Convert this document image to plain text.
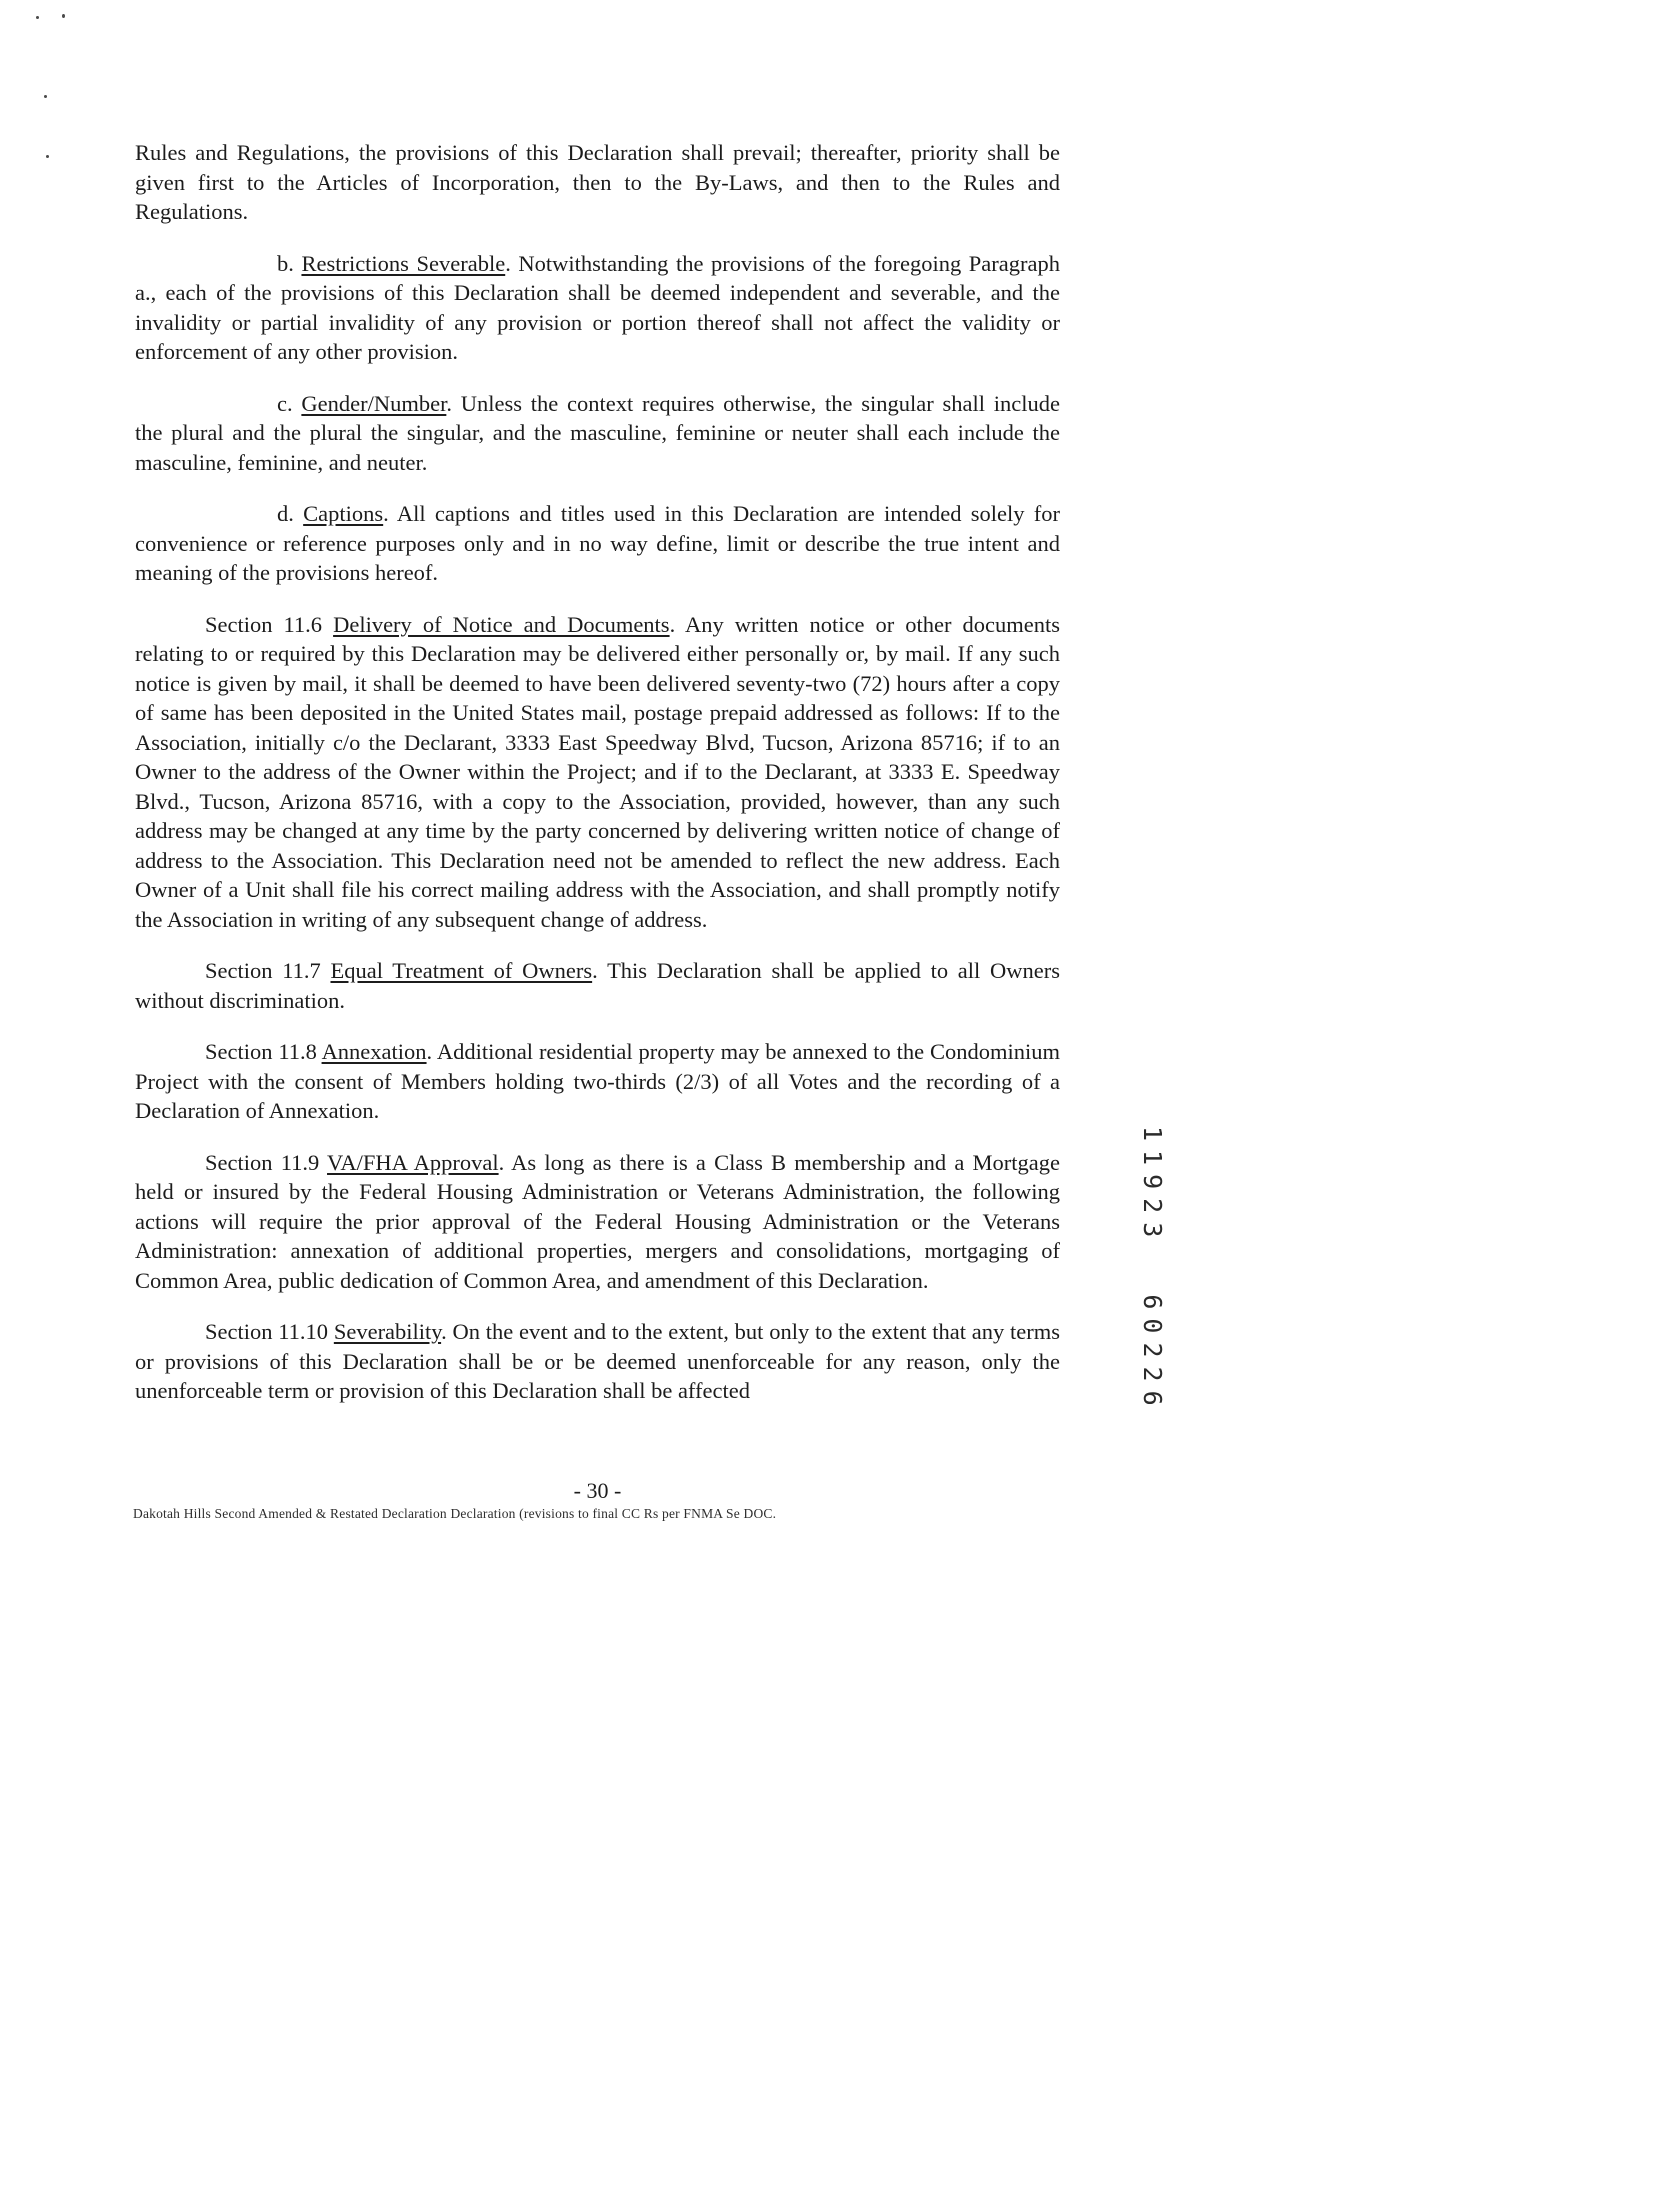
Rules and Regulations, the provisions of this Declaration shall prevail; thereafter, priority shall be given first to the Articles of Incorporation, then to the By-Laws, and then to the Rules and Regulations.

b. Restrictions Severable. Notwithstanding the provisions of the foregoing Paragraph a., each of the provisions of this Declaration shall be deemed independent and severable, and the invalidity or partial invalidity of any provision or portion thereof shall not affect the validity or enforcement of any other provision.

c. Gender/Number. Unless the context requires otherwise, the singular shall include the plural and the plural the singular, and the masculine, feminine or neuter shall each include the masculine, feminine, and neuter.

d. Captions. All captions and titles used in this Declaration are intended solely for convenience or reference purposes only and in no way define, limit or describe the true intent and meaning of the provisions hereof.

Section 11.6 Delivery of Notice and Documents. Any written notice or other documents relating to or required by this Declaration may be delivered either personally or, by mail. If any such notice is given by mail, it shall be deemed to have been delivered seventy-two (72) hours after a copy of same has been deposited in the United States mail, postage prepaid addressed as follows: If to the Association, initially c/o the Declarant, 3333 East Speedway Blvd, Tucson, Arizona 85716; if to an Owner to the address of the Owner within the Project; and if to the Declarant, at 3333 E. Speedway Blvd., Tucson, Arizona 85716, with a copy to the Association, provided, however, than any such address may be changed at any time by the party concerned by delivering written notice of change of address to the Association. This Declaration need not be amended to reflect the new address. Each Owner of a Unit shall file his correct mailing address with the Association, and shall promptly notify the Association in writing of any subsequent change of address.

Section 11.7 Equal Treatment of Owners. This Declaration shall be applied to all Owners without discrimination.

Section 11.8 Annexation. Additional residential property may be annexed to the Condominium Project with the consent of Members holding two-thirds (2/3) of all Votes and the recording of a Declaration of Annexation.

Section 11.9 VA/FHA Approval. As long as there is a Class B membership and a Mortgage held or insured by the Federal Housing Administration or Veterans Administration, the following actions will require the prior approval of the Federal Housing Administration or the Veterans Administration: annexation of additional properties, mergers and consolidations, mortgaging of Common Area, public dedication of Common Area, and amendment of this Declaration.

Section 11.10 Severability. On the event and to the extent, but only to the extent that any terms or provisions of this Declaration shall be or be deemed unenforceable for any reason, only the unenforceable term or provision of this Declaration shall be affected	11923  60226
- 30 -
Dakotah Hills Second Amended & Restated Declaration Declaration (revisions to final CC Rs per FNMA Se DOC.
